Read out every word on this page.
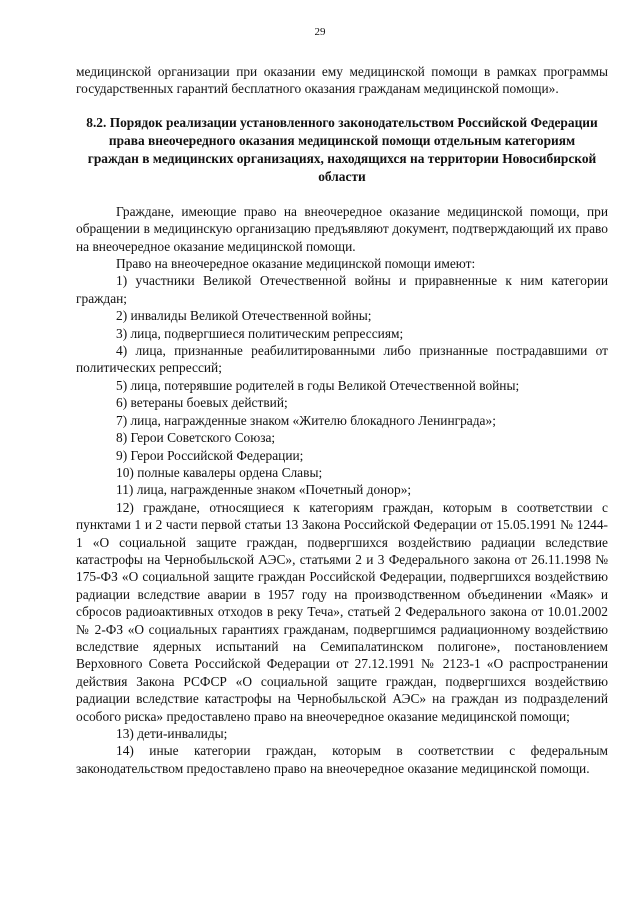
29

медицинской организации при оказании ему медицинской помощи в рамках программы государственных гарантий бесплатного оказания гражданам медицинской помощи».

8.2. Порядок реализации установленного законодательством Российской Федерации права внеочередного оказания медицинской помощи отдельным категориям граждан в медицинских организациях, находящихся на территории Новосибирской области

Граждане, имеющие право на внеочередное оказание медицинской помощи, при обращении в медицинскую организацию предъявляют документ, подтверждающий их право на внеочередное оказание медицинской помощи.

Право на внеочередное оказание медицинской помощи имеют:

1) участники Великой Отечественной войны и приравненные к ним категории граждан;

2) инвалиды Великой Отечественной войны;

3) лица, подвергшиеся политическим репрессиям;

4) лица, признанные реабилитированными либо признанные пострадавшими от политических репрессий;

5) лица, потерявшие родителей в годы Великой Отечественной войны;

6) ветераны боевых действий;

7) лица, награжденные знаком «Жителю блокадного Ленинграда»;

8) Герои Советского Союза;

9) Герои Российской Федерации;

10) полные кавалеры ордена Славы;

11) лица, награжденные знаком «Почетный донор»;

12) граждане, относящиеся к категориям граждан, которым в соответствии с пунктами 1 и 2 части первой статьи 13 Закона Российской Федерации от 15.05.1991 № 1244-1 «О социальной защите граждан, подвергшихся воздействию радиации вследствие катастрофы на Чернобыльской АЭС», статьями 2 и 3 Федерального закона от 26.11.1998 № 175-ФЗ «О социальной защите граждан Российской Федерации, подвергшихся воздействию радиации вследствие аварии в 1957 году на производственном объединении «Маяк» и сбросов радиоактивных отходов в реку Теча», статьей 2 Федерального закона от 10.01.2002 № 2-ФЗ «О социальных гарантиях гражданам, подвергшимся радиационному воздействию вследствие ядерных испытаний на Семипалатинском полигоне», постановлением Верховного Совета Российской Федерации от 27.12.1991 № 2123-1 «О распространении действия Закона РСФСР «О социальной защите граждан, подвергшихся воздействию радиации вследствие катастрофы на Чернобыльской АЭС» на граждан из подразделений особого риска» предоставлено право на внеочередное оказание медицинской помощи;

13) дети-инвалиды;

14) иные категории граждан, которым в соответствии с федеральным законодательством предоставлено право на внеочередное оказание медицинской помощи.
